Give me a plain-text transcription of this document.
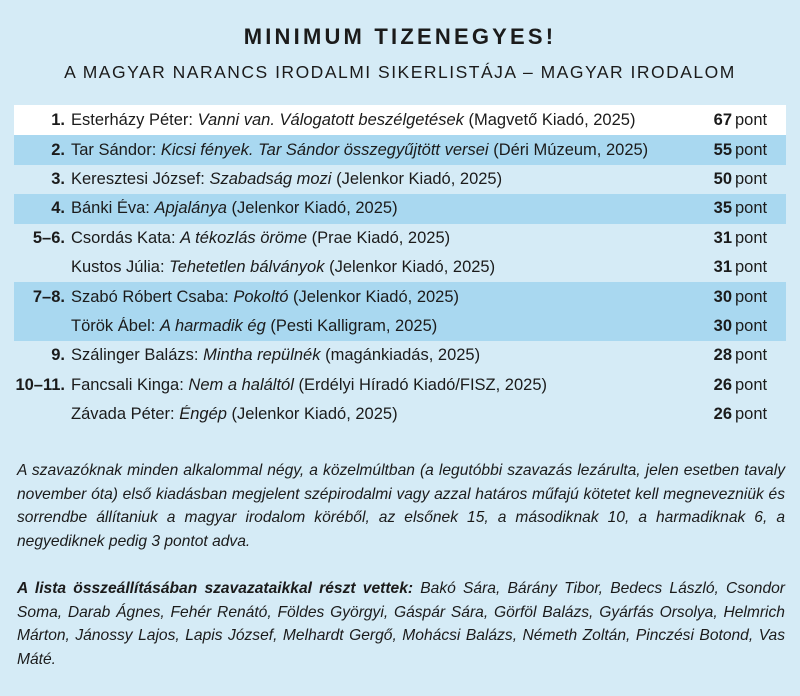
MINIMUM TIZENEGYES!
A MAGYAR NARANCS IRODALMI SIKERLISTÁJA – MAGYAR IRODALOM
1. Esterházy Péter: Vanni van. Válogatott beszélgetések (Magvető Kiadó, 2025)	67 pont
2. Tar Sándor: Kicsi fények. Tar Sándor összegyűjtött versei (Déri Múzeum, 2025)	55 pont
3. Keresztesi József: Szabadság mozi (Jelenkor Kiadó, 2025)	50 pont
4. Bánki Éva: Apjalánya (Jelenkor Kiadó, 2025)	35 pont
5–6. Csordás Kata: A tékozlás öröme (Prae Kiadó, 2025)	31 pont
Kustos Júlia: Tehetetlen bálványok (Jelenkor Kiadó, 2025)	31 pont
7–8. Szabó Róbert Csaba: Pokoltó (Jelenkor Kiadó, 2025)	30 pont
Török Ábel: A harmadik ég (Pesti Kalligram, 2025)	30 pont
9. Szálinger Balázs: Mintha repülnék (magánkiadás, 2025)	28 pont
10–11. Fancsali Kinga: Nem a haláltól (Erdélyi Híradó Kiadó/FISZ, 2025)	26 pont
Závada Péter: Éngép (Jelenkor Kiadó, 2025)	26 pont

A szavazóknak minden alkalommal négy, a közelmúltban (a legutóbbi szavazás lezárulta, jelen esetben tavaly november óta) első kiadásban megjelent szépirodalmi vagy azzal határos műfajú kötetet kell megnevezniük és sorrendbe állítaniuk a magyar irodalom köréből, az elsőnek 15, a másodiknak 10, a harmadiknak 6, a negyediknek pedig 3 pontot adva.

A lista összeállításában szavazataikkal részt vettek: Bakó Sára, Bárány Tibor, Bedecs László, Csondor Soma, Darab Ágnes, Fehér Renátó, Földes Györgyi, Gáspár Sára, Görföl Balázs, Gyárfás Orsolya, Helmrich Márton, Jánossy Lajos, Lapis József, Melhardt Gergő, Mohácsi Balázs, Németh Zoltán, Pinczési Botond, Vas Máté.
